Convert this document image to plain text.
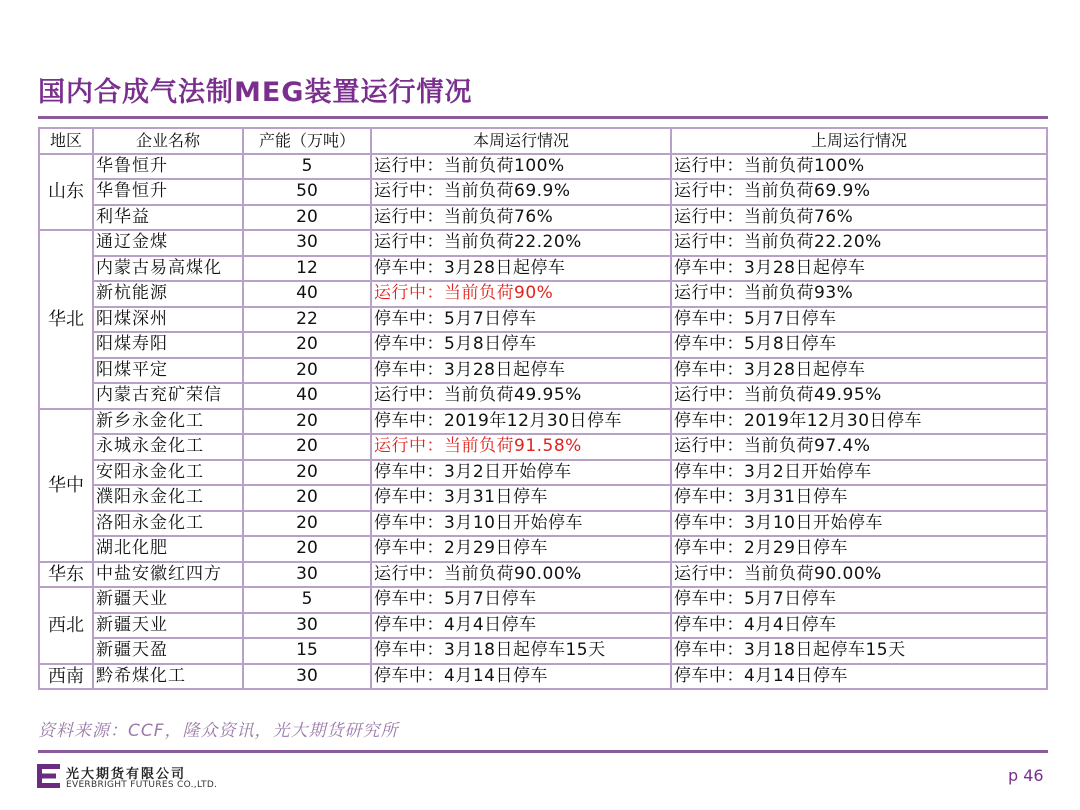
国内合成气法制MEG装置运行情况
地区	企业名称	产能（万吨）	本周运行情况	上周运行情况
山东	华鲁恒升	5	运行中：当前负荷100%	运行中：当前负荷100%
	华鲁恒升	50	运行中：当前负荷69.9%	运行中：当前负荷69.9%
	利华益	20	运行中：当前负荷76%	运行中：当前负荷76%
华北	通辽金煤	30	运行中：当前负荷22.20%	运行中：当前负荷22.20%
	内蒙古易高煤化	12	停车中：3月28日起停车	停车中：3月28日起停车
	新杭能源	40	运行中：当前负荷90%	运行中：当前负荷93%
	阳煤深州	22	停车中：5月7日停车	停车中：5月7日停车
	阳煤寿阳	20	停车中：5月8日停车	停车中：5月8日停车
	阳煤平定	20	停车中：3月28日起停车	停车中：3月28日起停车
	内蒙古兖矿荣信	40	运行中：当前负荷49.95%	运行中：当前负荷49.95%
华中	新乡永金化工	20	停车中：2019年12月30日停车	停车中：2019年12月30日停车
	永城永金化工	20	运行中：当前负荷91.58%	运行中：当前负荷97.4%
	安阳永金化工	20	停车中：3月2日开始停车	停车中：3月2日开始停车
	濮阳永金化工	20	停车中：3月31日停车	停车中：3月31日停车
	洛阳永金化工	20	停车中：3月10日开始停车	停车中：3月10日开始停车
	湖北化肥	20	停车中：2月29日停车	停车中：2月29日停车
华东	中盐安徽红四方	30	运行中：当前负荷90.00%	运行中：当前负荷90.00%
西北	新疆天业	5	停车中：5月7日停车	停车中：5月7日停车
	新疆天业	30	停车中：4月4日停车	停车中：4月4日停车
	新疆天盈	15	停车中：3月18日起停车15天	停车中：3月18日起停车15天
西南	黔希煤化工	30	停车中：4月14日停车	停车中：4月14日停车
资料来源：CCF，隆众资讯，光大期货研究所
光大期货有限公司
EVERBRIGHT FUTURES CO.,LTD.	p 46
